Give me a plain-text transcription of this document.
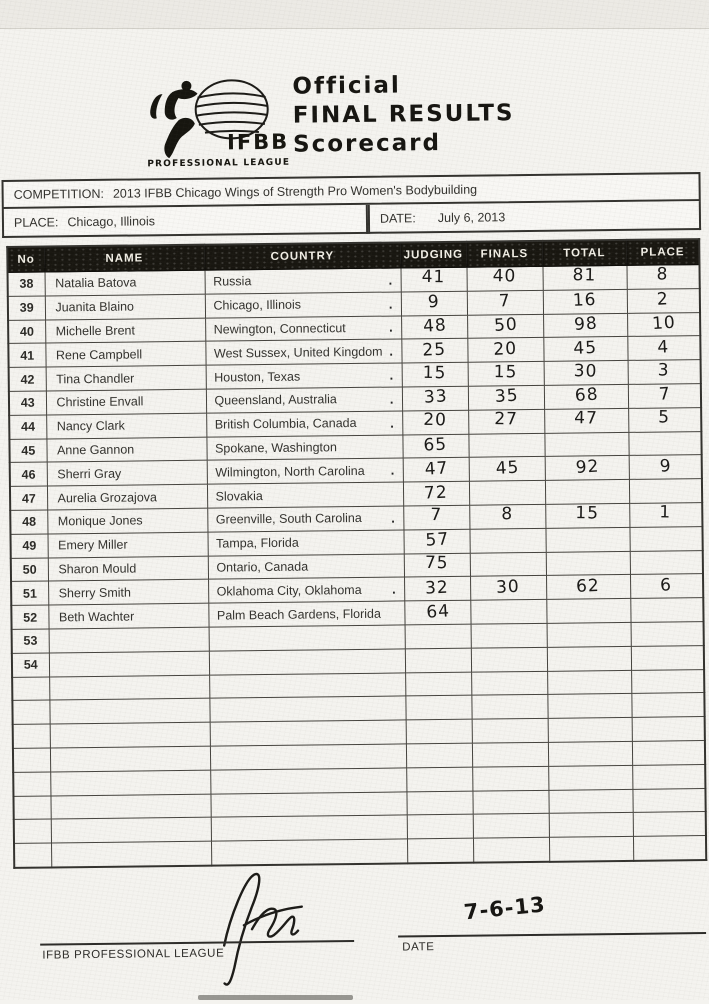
IFBB
PROFESSIONAL LEAGUE
Official
FINAL RESULTS
Scorecard
COMPETITION: 2013 IFBB Chicago Wings of Strength Pro Women's Bodybuilding
PLACE: Chicago, Illinois	DATE: July 6, 2013
No	NAME	COUNTRY	JUDGING	FINALS	TOTAL	PLACE
38	Natalia Batova	Russia .	41	40	81	8
39	Juanita Blaino	Chicago, Illinois .	9	7	16	2
40	Michelle Brent	Newington, Connecticut .	48	50	98	10
41	Rene Campbell	West Sussex, United Kingdom .	25	20	45	4
42	Tina Chandler	Houston, Texas .	15	15	30	3
43	Christine Envall	Queensland, Australia .	33	35	68	7
44	Nancy Clark	British Columbia, Canada .	20	27	47	5
45	Anne Gannon	Spokane, Washington	65			
46	Sherri Gray	Wilmington, North Carolina .	47	45	92	9
47	Aurelia Grozajova	Slovakia	72			
48	Monique Jones	Greenville, South Carolina .	7	8	15	1
49	Emery Miller	Tampa, Florida	57			
50	Sharon Mould	Ontario, Canada	75			
51	Sherry Smith	Oklahoma City, Oklahoma .	32	30	62	6
52	Beth Wachter	Palm Beach Gardens, Florida	64			
53		

54		

IFBB PROFESSIONAL LEAGUE
7-6-13
DATE
